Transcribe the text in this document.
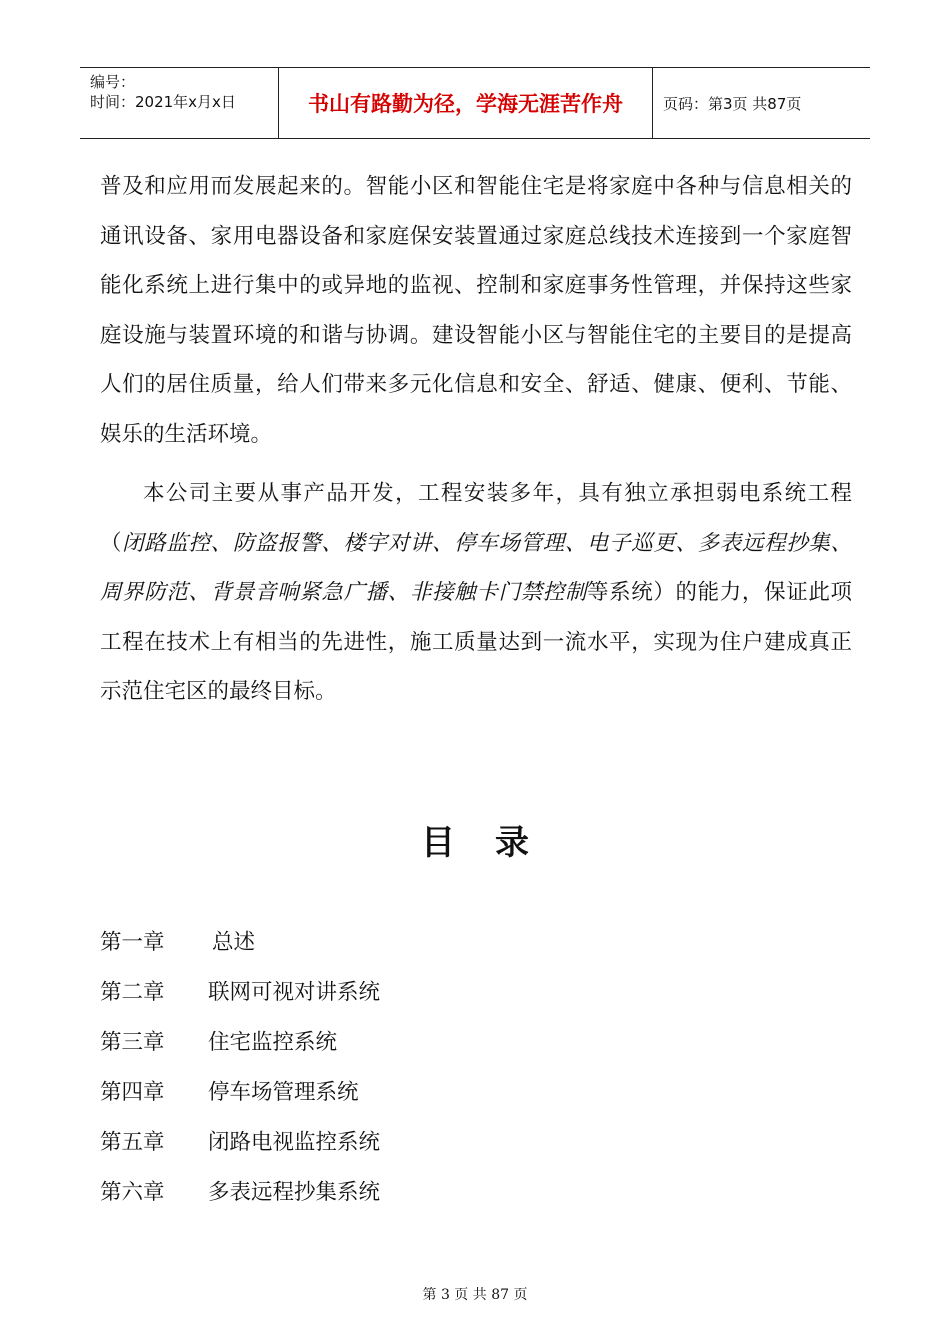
编号：
时间：2021年x月x日	书山有路勤为径，学海无涯苦作舟	页码：第3页 共87页

普及和应用而发展起来的。智能小区和智能住宅是将家庭中各种与信息相关的通讯设备、家用电器设备和家庭保安装置通过家庭总线技术连接到一个家庭智能化系统上进行集中的或异地的监视、控制和家庭事务性管理，并保持这些家庭设施与装置环境的和谐与协调。建设智能小区与智能住宅的主要目的是提高人们的居住质量，给人们带来多元化信息和安全、舒适、健康、便利、节能、娱乐的生活环境。

本公司主要从事产品开发，工程安装多年，具有独立承担弱电系统工程（闭路监控、防盗报警、楼宇对讲、停车场管理、电子巡更、多表远程抄集、周界防范、背景音响紧急广播、非接触卡门禁控制等系统）的能力，保证此项工程在技术上有相当的先进性，施工质量达到一流水平，实现为住户建成真正示范住宅区的最终目标。

目录
第一章	总述
第二章	联网可视对讲系统
第三章	住宅监控系统
第四章	停车场管理系统
第五章	闭路电视监控系统
第六章	多表远程抄集系统
第 3 页 共 87 页
